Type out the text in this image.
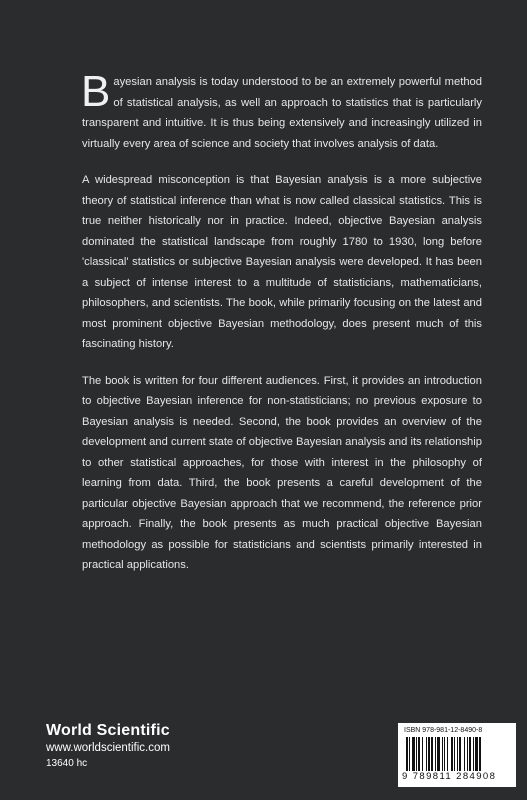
Bayesian analysis is today understood to be an extremely powerful method of statistical analysis, as well an approach to statistics that is particularly transparent and intuitive. It is thus being extensively and increasingly utilized in virtually every area of science and society that involves analysis of data.

A widespread misconception is that Bayesian analysis is a more subjective theory of statistical inference than what is now called classical statistics. This is true neither historically nor in practice. Indeed, objective Bayesian analysis dominated the statistical landscape from roughly 1780 to 1930, long before 'classical' statistics or subjective Bayesian analysis were developed. It has been a subject of intense interest to a multitude of statisticians, mathematicians, philosophers, and scientists. The book, while primarily focusing on the latest and most prominent objective Bayesian methodology, does present much of this fascinating history.

The book is written for four different audiences. First, it provides an introduction to objective Bayesian inference for non-statisticians; no previous exposure to Bayesian analysis is needed. Second, the book provides an overview of the development and current state of objective Bayesian analysis and its relationship to other statistical approaches, for those with interest in the philosophy of learning from data. Third, the book presents a careful development of the particular objective Bayesian approach that we recommend, the reference prior approach. Finally, the book presents as much practical objective Bayesian methodology as possible for statisticians and scientists primarily interested in practical applications.

World Scientific
www.worldscientific.com
13640 hc
ISBN 978-981-12-8490-8
9 789811 284908
